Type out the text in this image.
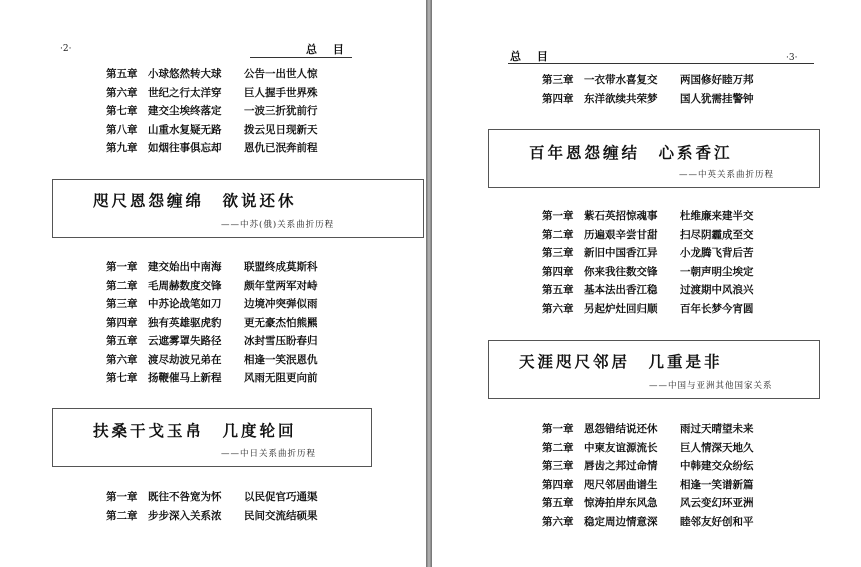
·2·	总 目
第五章 小球悠然转大球 公告一出世人惊
第六章 世纪之行太洋穿 巨人握手世界殊
第七章 建交尘埃终落定 一波三折犹前行
第八章 山重水复疑无路 拨云见日现新天
第九章 如烟往事俱忘却 恩仇已泯奔前程
咫尺恩怨缠绵　欲说还休
——中苏(俄)关系曲折历程
第一章 建交始出中南海 联盟终成莫斯科
第二章 毛周赫数度交锋 颇年堂两军对峙
第三章 中苏论战笔如刀 边境冲突弹似雨
第四章 独有英雄驱虎豹 更无豪杰怕熊羆
第五章 云遮雾罩失路径 冰封雪压盼春归
第六章 渡尽劫波兄弟在 相逢一笑泯恩仇
第七章 扬鞭催马上新程 风雨无阻更向前
扶桑干戈玉帛　几度轮回
——中日关系曲折历程
第一章 既往不咎宽为怀 以民促官巧通渠
第二章 步步深入关系浓 民间交流结硕果
总 目	·3·
第三章 一衣带水喜复交 两国修好睦万邦
第四章 东洋欲续共荣梦 国人犹需挂警钟
百年恩怨缠结　心系香江
——中英关系曲折历程
第一章 紫石英招惊魂事 杜维廉来建半交
第二章 历遍艰辛尝甘甜 扫尽阴霾成至交
第三章 新旧中国香江异 小龙腾飞背后苦
第四章 你来我往数交锋 一朝声明尘埃定
第五章 基本法出香江稳 过渡期中风浪兴
第六章 另起炉灶回归顺 百年长梦今宵圆
天涯咫尺邻居　几重是非
——中国与亚洲其他国家关系
第一章 恩怨错结说还休 雨过天晴望未来
第二章 中柬友谊源流长 巨人情深天地久
第三章 唇齿之邦过命情 中韩建交众纷纭
第四章 咫尺邻居曲谱生 相逢一笑谱新篇
第五章 惊涛拍岸东风急 风云变幻环亚洲
第六章 稳定周边情意深 睦邻友好创和平
